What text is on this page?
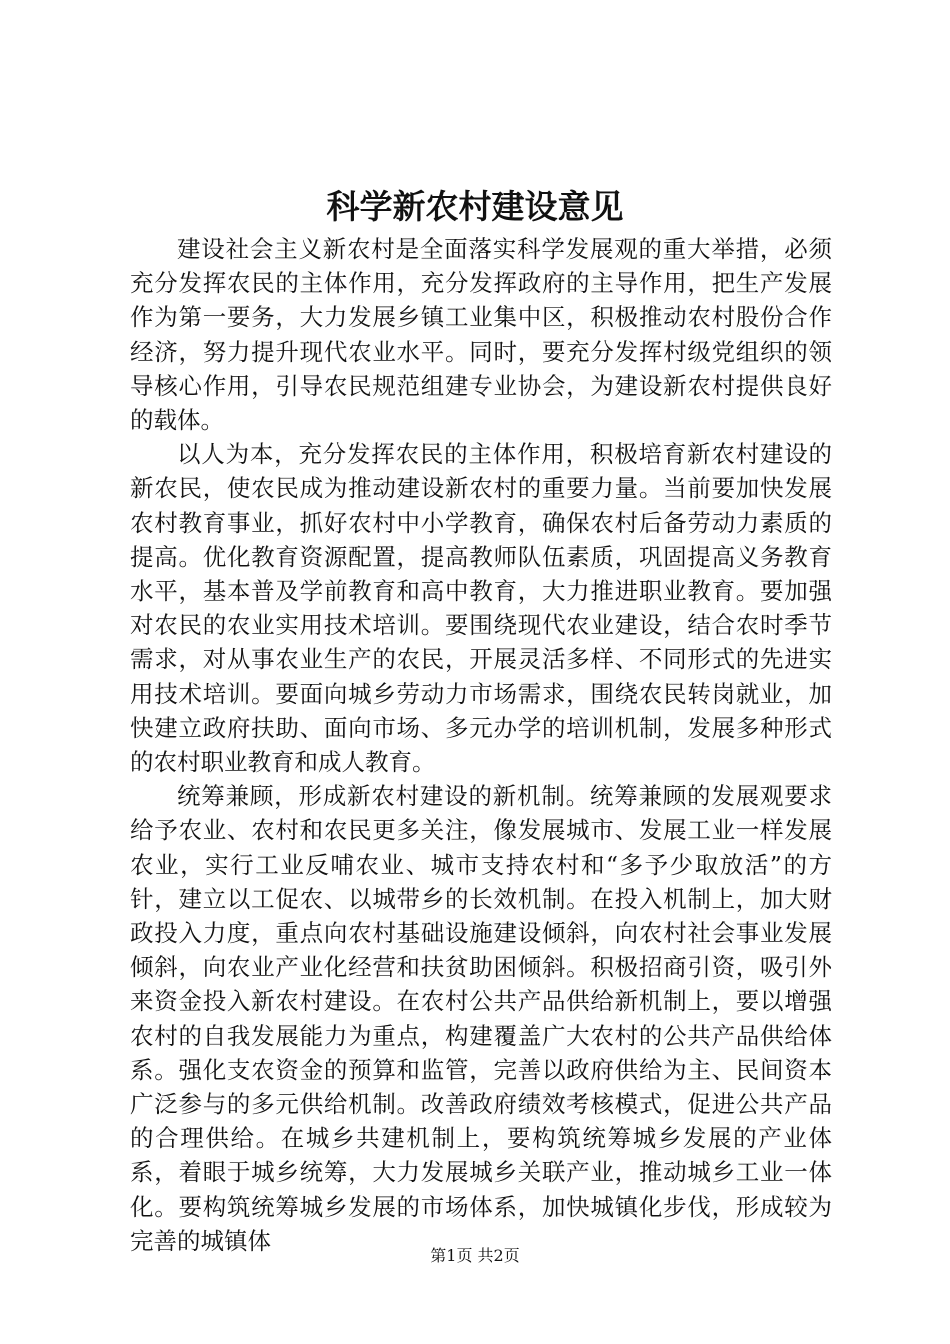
科学新农村建设意见

建设社会主义新农村是全面落实科学发展观的重大举措，必须充分发挥农民的主体作用，充分发挥政府的主导作用，把生产发展作为第一要务，大力发展乡镇工业集中区，积极推动农村股份合作经济，努力提升现代农业水平。同时，要充分发挥村级党组织的领导核心作用，引导农民规范组建专业协会，为建设新农村提供良好的载体。

以人为本，充分发挥农民的主体作用，积极培育新农村建设的新农民，使农民成为推动建设新农村的重要力量。当前要加快发展农村教育事业，抓好农村中小学教育，确保农村后备劳动力素质的提高。优化教育资源配置，提高教师队伍素质，巩固提高义务教育水平，基本普及学前教育和高中教育，大力推进职业教育。要加强对农民的农业实用技术培训。要围绕现代农业建设，结合农时季节需求，对从事农业生产的农民，开展灵活多样、不同形式的先进实用技术培训。要面向城乡劳动力市场需求，围绕农民转岗就业，加快建立政府扶助、面向市场、多元办学的培训机制，发展多种形式的农村职业教育和成人教育。

统筹兼顾，形成新农村建设的新机制。统筹兼顾的发展观要求给予农业、农村和农民更多关注，像发展城市、发展工业一样发展农业，实行工业反哺农业、城市支持农村和“多予少取放活”的方针，建立以工促农、以城带乡的长效机制。在投入机制上，加大财政投入力度，重点向农村基础设施建设倾斜，向农村社会事业发展倾斜，向农业产业化经营和扶贫助困倾斜。积极招商引资，吸引外来资金投入新农村建设。在农村公共产品供给新机制上，要以增强农村的自我发展能力为重点，构建覆盖广大农村的公共产品供给体系。强化支农资金的预算和监管，完善以政府供给为主、民间资本广泛参与的多元供给机制。改善政府绩效考核模式，促进公共产品的合理供给。在城乡共建机制上，要构筑统筹城乡发展的产业体系，着眼于城乡统筹，大力发展城乡关联产业，推动城乡工业一体化。要构筑统筹城乡发展的市场体系，加快城镇化步伐，形成较为完善的城镇体

第1页 共2页
